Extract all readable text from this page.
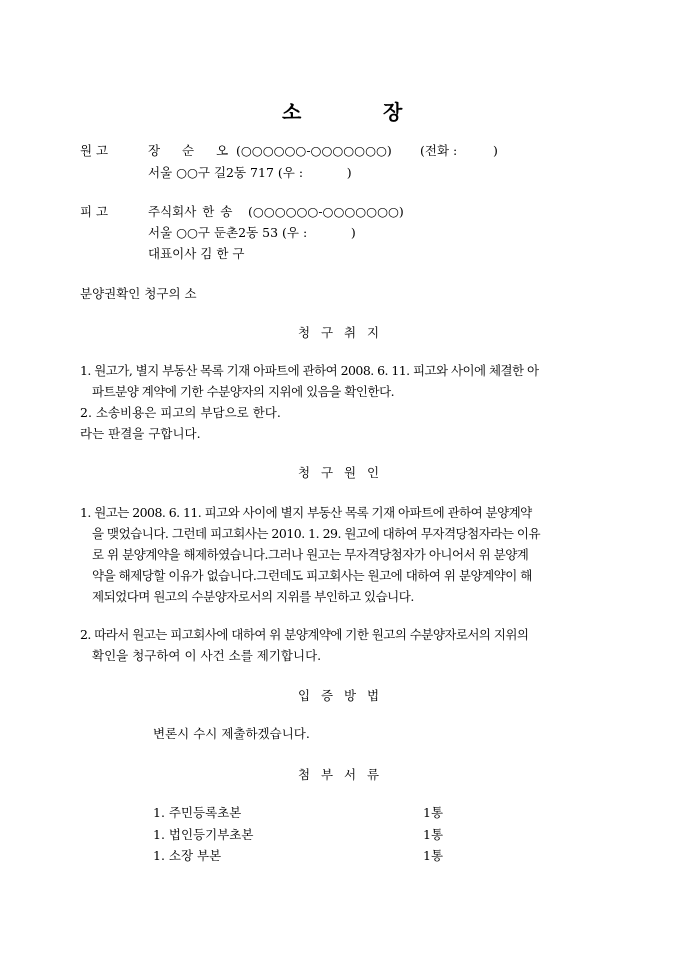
소	장
원 고	장 순 오 (○○○○○○-○○○○○○○) (전화 :         )
서울 ○○구 길2동 717 (우 :           )
피 고	주식회사 한 송 (○○○○○○-○○○○○○○)
서울 ○○구 둔촌2동 53 (우 :           )
대표이사 김 한 구
분양권확인 청구의 소
청 구 취 지
1. 원고가, 별지 부동산 목록 기재 아파트에 관하여 2008. 6. 11. 피고와 사이에 체결한 아
파트분양 계약에 기한 수분양자의 지위에 있음을 확인한다.
2. 소송비용은 피고의 부담으로 한다.
라는 판결을 구합니다.
청 구 원 인
1. 원고는 2008. 6. 11. 피고와 사이에 별지 부동산 목록 기재 아파트에 관하여 분양계약
을 맺었습니다. 그런데 피고회사는 2010. 1. 29. 원고에 대하여 무자격당첨자라는 이유
로 위 분양계약을 해제하였습니다.그러나 원고는 무자격당첨자가 아니어서 위 분양계
약을 해제당할 이유가 없습니다.그런데도 피고회사는 원고에 대하여 위 분양계약이 해
제되었다며 원고의 수분양자로서의 지위를 부인하고 있습니다.
2. 따라서 원고는 피고회사에 대하여 위 분양계약에 기한 원고의 수분양자로서의 지위의
확인을 청구하여 이 사건 소를 제기합니다.
입 증 방 법
변론시 수시 제출하겠습니다.
첨 부 서 류
1. 주민등록초본	1통
1. 법인등기부초본	1통
1. 소장 부본	1통
